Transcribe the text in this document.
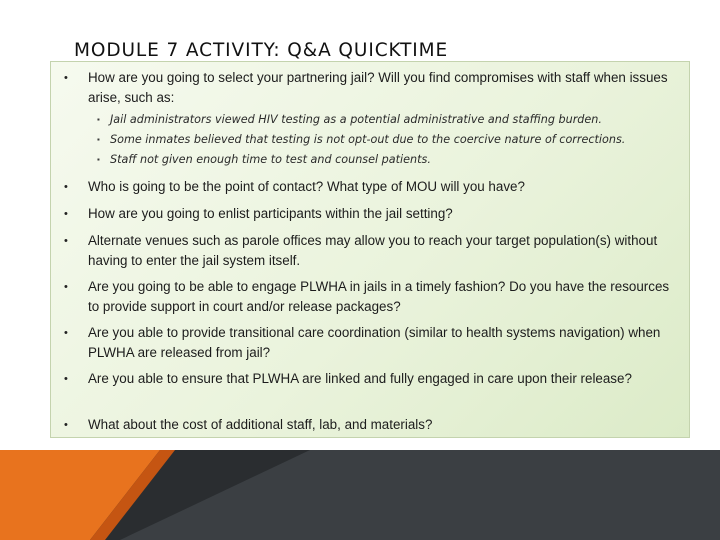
MODULE 7 ACTIVITY: Q&A QUICKTIME
• How are you going to select your partnering jail? Will you find compromises with staff when issues arise, such as:
▪ Jail administrators viewed HIV testing as a potential administrative and staffing burden.
▪ Some inmates believed that testing is not opt-out due to the coercive nature of corrections.
▪ Staff not given enough time to test and counsel patients.
• Who is going to be the point of contact? What type of MOU will you have?
• How are you going to enlist participants within the jail setting?
• Alternate venues such as parole offices may allow you to reach your target population(s) without having to enter the jail system itself.
• Are you going to be able to engage PLWHA in jails in a timely fashion? Do you have the resources to provide support in court and/or release packages?
• Are you able to provide transitional care coordination (similar to health systems navigation) when PLWHA are released from jail?
• Are you able to ensure that PLWHA are linked and fully engaged in care upon their release?
• What about the cost of additional staff, lab, and materials?
